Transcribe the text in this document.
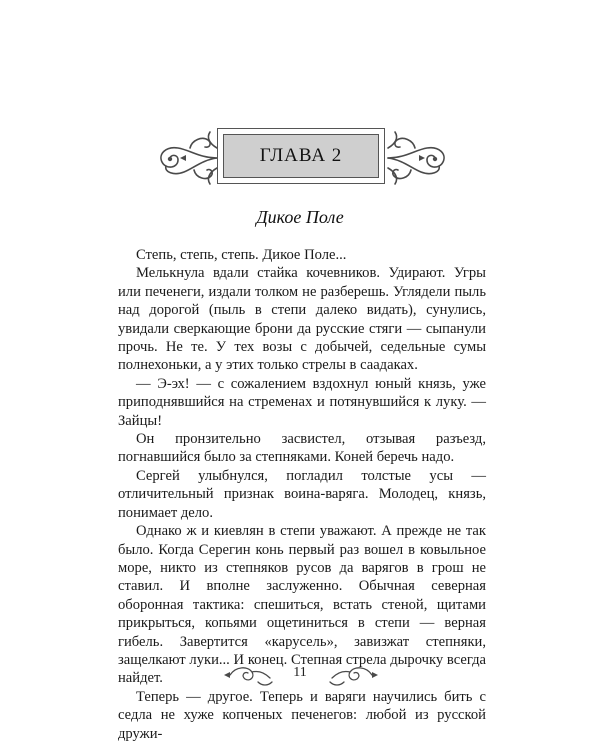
ГЛАВА 2
Дикое Поле

Степь, степь, степь. Дикое Поле...

Мелькнула вдали стайка кочевников. Удирают. Угры или печенеги, издали толком не разберешь. Углядели пыль над дорогой (пыль в степи далеко видать), сунулись, увидали сверкающие брони да русские стяги — сыпанули прочь. Не те. У тех возы с добычей, седельные сумы полнехоньки, а у этих только стрелы в саадаках.

— Э-эх! — с сожалением вздохнул юный князь, уже приподнявшийся на стременах и потянувшийся к луку. — Зайцы!

Он пронзительно засвистел, отзывая разъезд, погнавшийся было за степняками. Коней беречь надо.

Сергей улыбнулся, погладил толстые усы — отличительный признак воина-варяга. Молодец, князь, понимает дело.

Однако ж и киевлян в степи уважают. А прежде не так было. Когда Серегин конь первый раз вошел в ковыльное море, никто из степняков русов да варягов в грош не ставил. И вполне заслуженно. Обычная северная оборонная тактика: спешиться, встать стеной, щитами прикрыться, копьями ощетиниться в степи — верная гибель. Завертится «карусель», завизжат степняки, защелкают луки... И конец. Степная стрела дырочку всегда найдет.

Теперь — другое. Теперь и варяги научились бить с седла не хуже копченых печенегов: любой из русской дружи-

11
